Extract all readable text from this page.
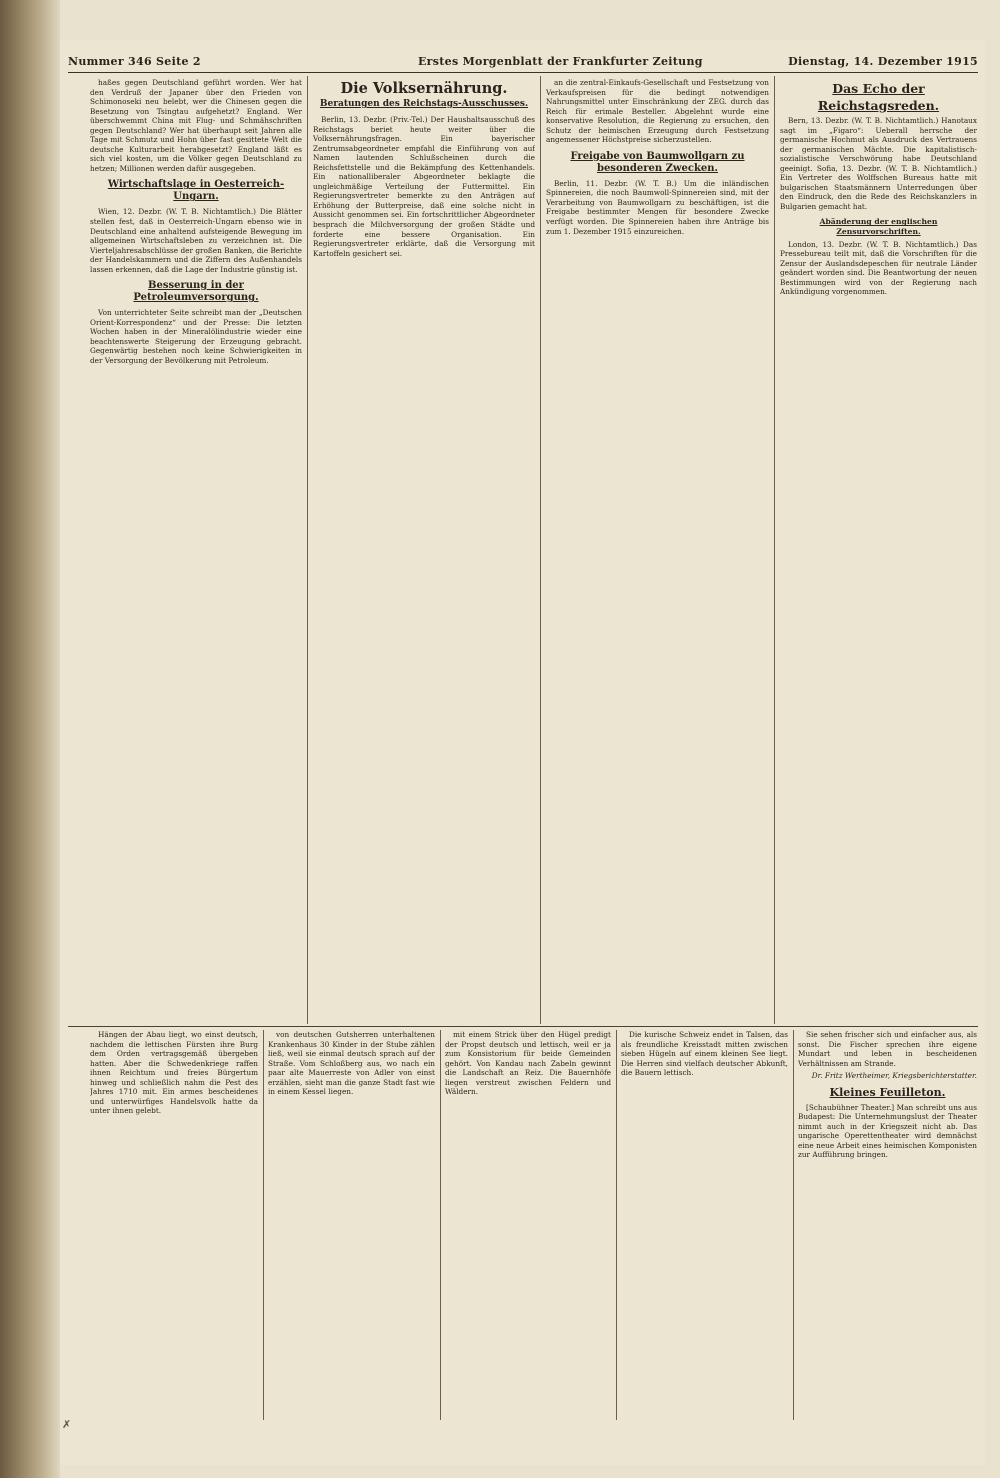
Nummer 346 Seite 2	Erstes Morgenblatt der Frankfurter Zeitung	Dienstag, 14. Dezember 1915

haßes gegen Deutschland geführt worden. Wer hat den Verdruß der Japaner über den Frieden von Schimonoseki neu belebt, wer die Chinesen gegen die Besetzung von Tsingtau aufgehetzt? England. Wer überschwemmt China mit Flug- und Schmähschriften gegen Deutschland? Wer hat überhaupt seit Jahren alle Tage mit Schmutz und Hohn über fast gesittete Welt die deutsche Kulturarbeit herabgesetzt? England läßt es sich viel kosten, um die Völker gegen Deutschland zu hetzen; Millionen werden dafür ausgegeben.

Wirtschaftslage in Oesterreich-Ungarn.

Wien, 12. Dezbr. (W. T. B. Nichtamtlich.) Die Blätter stellen fest, daß in Oesterreich-Ungarn ebenso wie in Deutschland eine anhaltend aufsteigende Bewegung im allgemeinen Wirtschaftsleben zu verzeichnen ist. Die Vierteljahresabschlüsse der großen Banken, die Berichte der Handelskammern und die Ziffern des Außenhandels lassen erkennen, daß die Lage der Industrie günstig ist.

Besserung in der Petroleumversorgung.

Von unterrichteter Seite schreibt man der „Deutschen Orient-Korrespondenz“ und der Presse: Die letzten Wochen haben in der Mineralölindustrie wieder eine beachtenswerte Steigerung der Erzeugung gebracht. Gegenwärtig bestehen noch keine Schwierigkeiten in der Versorgung der Bevölkerung mit Petroleum.

Die Volksernährung.
Beratungen des Reichstags-Ausschusses.

Berlin, 13. Dezbr. (Priv.-Tel.) Der Haushaltsausschuß des Reichstags beriet heute weiter über die Volksernährungsfragen. Ein bayerischer Zentrumsabgeordneter empfahl die Einführung von auf Namen lautenden Schlußscheinen durch die Reichsfettstelle und die Bekämpfung des Kettenhandels. Ein nationalliberaler Abgeordneter beklagte die ungleichmäßige Verteilung der Futtermittel. Ein Regierungsvertreter bemerkte zu den Anträgen auf Erhöhung der Butterpreise, daß eine solche nicht in Aussicht genommen sei. Ein fortschrittlicher Abgeordneter besprach die Milchversorgung der großen Städte und forderte eine bessere Organisation. Ein Regierungsvertreter erklärte, daß die Versorgung mit Kartoffeln gesichert sei.

an die zentral-Einkaufs-Gesellschaft und Festsetzung von Verkaufspreisen für die bedingt notwendigen Nahrungsmittel unter Einschränkung der ZEG. durch das Reich für erimale Besteller. Abgelehnt wurde eine konservative Resolution, die Regierung zu ersuchen, den Schutz der heimischen Erzeugung durch Festsetzung angemessener Höchstpreise sicherzustellen.

Freigabe von Baumwollgarn zu besonderen Zwecken.

Berlin, 11. Dezbr. (W. T. B.) Um die inländischen Spinnereien, die noch Baumwoll-Spinnereien sind, mit der Verarbeitung von Baumwollgarn zu beschäftigen, ist die Freigabe bestimmter Mengen für besondere Zwecke verfügt worden. Die Spinnereien haben ihre Anträge bis zum 1. Dezember 1915 einzureichen.

Das Echo der Reichstagsreden.

Bern, 13. Dezbr. (W. T. B. Nichtamtlich.) Hanotaux sagt im „Figaro“: Ueberall herrsche der germanische Hochmut als Ausdruck des Vertrauens der germanischen Mächte. Die kapitalistisch-sozialistische Verschwörung habe Deutschland geeinigt. Sofia, 13. Dezbr. (W. T. B. Nichtamtlich.) Ein Vertreter des Wolffschen Bureaus hatte mit bulgarischen Staatsmännern Unterredungen über den Eindruck, den die Rede des Reichskanzlers in Bulgarien gemacht hat.

Abänderung der englischen Zensurvorschriften.

London, 13. Dezbr. (W. T. B. Nichtamtlich.) Das Pressebureau teilt mit, daß die Vorschriften für die Zensur der Auslandsdepeschen für neutrale Länder geändert worden sind. Die Beantwortung der neuen Bestimmungen wird von der Regierung nach Ankündigung vorgenommen.

Hängen der Abau liegt, wo einst deutsch, nachdem die lettischen Fürsten ihre Burg dem Orden vertragsgemäß übergeben hatten. Aber die Schwedenkriege raffen ihnen Reichtum und freies Bürgertum hinweg und schließlich nahm die Pest des Jahres 1710 mit. Ein armes bescheidenes und unterwürfiges Handelsvolk hatte da unter ihnen gelebt.

von deutschen Gutsherren unterhaltenen Krankenhaus 30 Kinder in der Stube zählen ließ, weil sie einmal deutsch sprach auf der Straße. Vom Schloßberg aus, wo nach ein paar alte Mauerreste von Adler von einst erzählen, sieht man die ganze Stadt fast wie in einem Kessel liegen.

mit einem Strick über den Hügel predigt der Propst deutsch und lettisch, weil er ja zum Konsistorium für beide Gemeinden gehört. Von Kandau nach Zabeln gewinnt die Landschaft an Reiz. Die Bauernhöfe liegen verstreut zwischen Feldern und Wäldern.

Die kurische Schweiz endet in Talsen, das als freundliche Kreisstadt mitten zwischen sieben Hügeln auf einem kleinen See liegt. Die Herren sind vielfach deutscher Abkunft, die Bauern lettisch.

Sie sehen frischer sich und einfacher aus, als sonst. Die Fischer sprechen ihre eigene Mundart und leben in bescheidenen Verhältnissen am Strande.

Dr. Fritz Wertheimer, Kriegsberichterstatter.
Kleines Feuilleton.

[Schaubühner Theater.] Man schreibt uns aus Budapest: Die Unternehmungslust der Theater nimmt auch in der Kriegszeit nicht ab. Das ungarische Operettentheater wird demnächst eine neue Arbeit eines heimischen Komponisten zur Aufführung bringen.

✗
